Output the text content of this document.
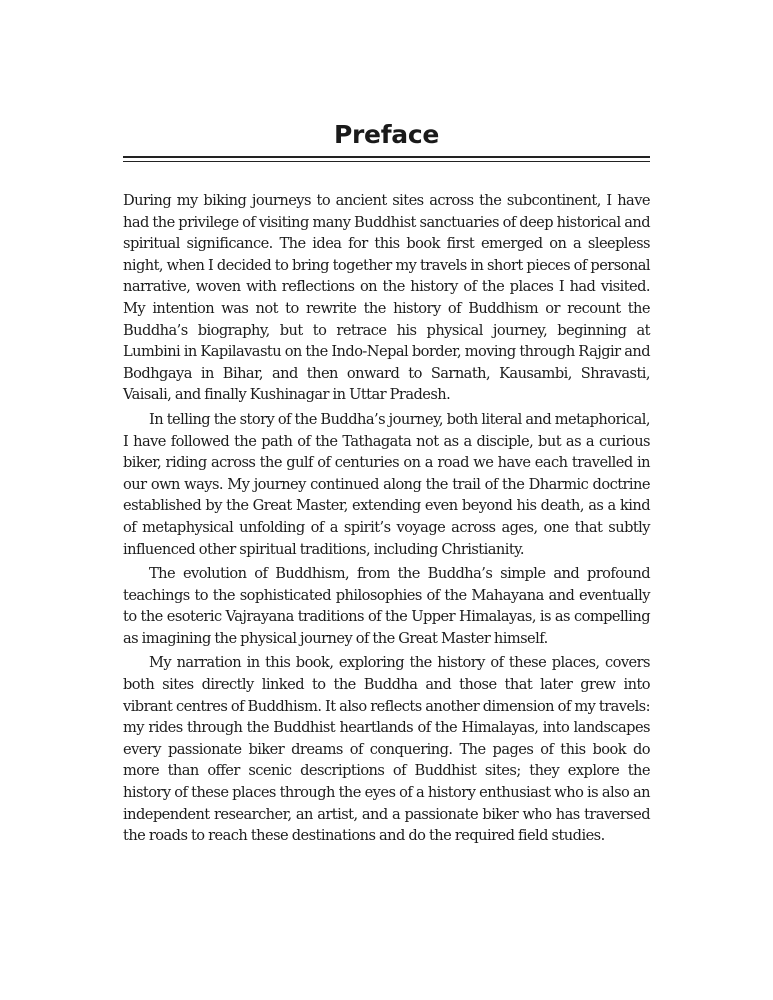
Preface

During my biking journeys to ancient sites across the subcontinent, I have had the privilege of visiting many Buddhist sanctuaries of deep historical and spiritual significance. The idea for this book first emerged on a sleepless night, when I decided to bring together my travels in short pieces of personal narrative, woven with reflections on the history of the places I had visited. My intention was not to rewrite the history of Buddhism or recount the Buddha’s biography, but to retrace his physical journey, beginning at Lumbini in Kapilavastu on the Indo-Nepal border, moving through Rajgir and Bodhgaya in Bihar, and then onward to Sarnath, Kausambi, Shravasti, Vaisali, and finally Kushinagar in Uttar Pradesh.

In telling the story of the Buddha’s journey, both literal and metaphorical, I have followed the path of the Tathagata not as a disciple, but as a curious biker, riding across the gulf of centuries on a road we have each travelled in our own ways. My journey continued along the trail of the Dharmic doctrine established by the Great Master, extending even beyond his death, as a kind of metaphysical unfolding of a spirit’s voyage across ages, one that subtly influenced other spiritual traditions, including Christianity.

The evolution of Buddhism, from the Buddha’s simple and profound teachings to the sophisticated philosophies of the Mahayana and eventually to the esoteric Vajrayana traditions of the Upper Himalayas, is as compelling as imagining the physical journey of the Great Master himself.

My narration in this book, exploring the history of these places, covers both sites directly linked to the Buddha and those that later grew into vibrant centres of Buddhism. It also reflects another dimension of my travels: my rides through the Buddhist heartlands of the Himalayas, into landscapes every passionate biker dreams of conquering. The pages of this book do more than offer scenic descriptions of Buddhist sites; they explore the history of these places through the eyes of a history enthusiast who is also an independent researcher, an artist, and a passionate biker who has traversed the roads to reach these destinations and do the required field studies.
